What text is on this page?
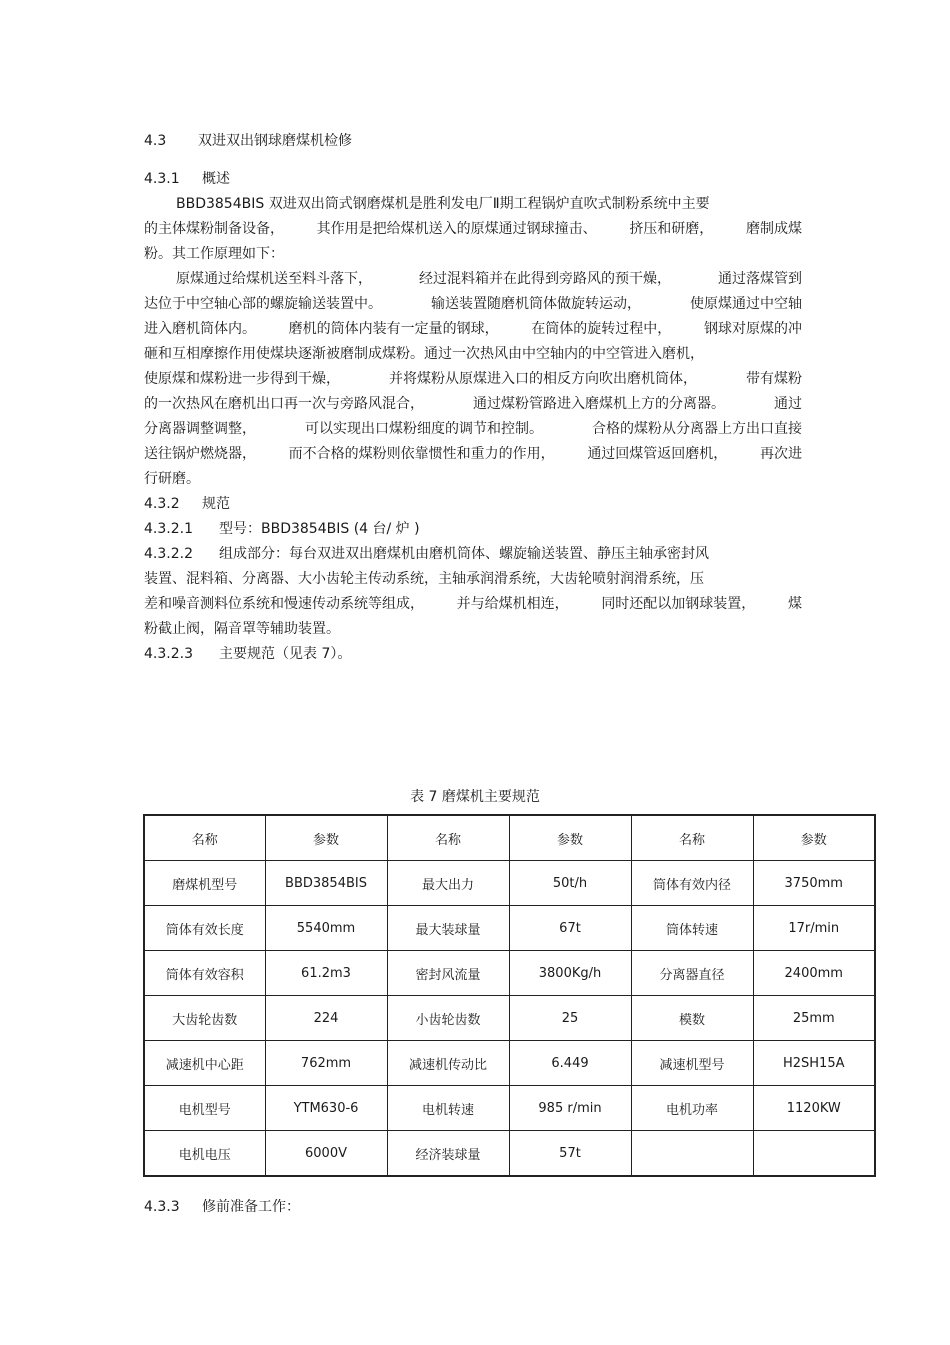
4.3 双进双出钢球磨煤机检修
4.3.1 概述
BBD3854BIS 双进双出筒式钢磨煤机是胜利发电厂Ⅱ期工程锅炉直吹式制粉系统中主要
的主体煤粉制备设备， 其作用是把给煤机送入的原煤通过钢球撞击、 挤压和研磨， 磨制成煤
粉。其工作原理如下：
原煤通过给煤机送至料斗落下，	经过混料箱并在此得到旁路风的预干燥，	通过落煤管到
达位于中空轴心部的螺旋输送装置中。	输送装置随磨机筒体做旋转运动，	使原煤通过中空轴
进入磨机筒体内。 磨机的筒体内装有一定量的钢球， 在筒体的旋转过程中， 钢球对原煤的冲
砸和互相摩擦作用使煤块逐渐被磨制成煤粉。通过一次热风由中空轴内的中空管进入磨机，
使原煤和煤粉进一步得到干燥，	并将煤粉从原煤进入口的相反方向吹出磨机筒体，	带有煤粉
的一次热风在磨机出口再一次与旁路风混合，	通过煤粉管路进入磨煤机上方的分离器。	通过
分离器调整调整，	可以实现出口煤粉细度的调节和控制。	合格的煤粉从分离器上方出口直接
送往锅炉燃烧器， 而不合格的煤粉则依靠惯性和重力的作用， 通过回煤管返回磨机， 再次进
行研磨。
4.3.2 规范
4.3.2.1 型号：BBD3854BIS (4 台/ 炉 )
4.3.2.2 组成部分：每台双进双出磨煤机由磨机筒体、螺旋输送装置、静压主轴承密封风
装置、混料箱、分离器、大小齿轮主传动系统，主轴承润滑系统，大齿轮喷射润滑系统，压
差和噪音测料位系统和慢速传动系统等组成， 并与给煤机相连， 同时还配以加钢球装置， 煤
粉截止阀，隔音罩等辅助装置。
4.3.2.3 主要规范（见表 7）。
表 7 磨煤机主要规范
名称	参数	名称	参数	名称	参数
磨煤机型号	BBD3854BIS	最大出力	50t/h	筒体有效内径	3750mm
筒体有效长度	5540mm	最大装球量	67t	筒体转速	17r/min
筒体有效容积	61.2m3	密封风流量	3800Kg/h	分离器直径	2400mm
大齿轮齿数	224	小齿轮齿数	25	模数	25mm
减速机中心距	762mm	减速机传动比	6.449	减速机型号	H2SH15A
电机型号	YTM630-6	电机转速	985 r/min	电机功率	1120KW
电机电压	6000V	经济装球量	57t		
4.3.3 修前准备工作：
